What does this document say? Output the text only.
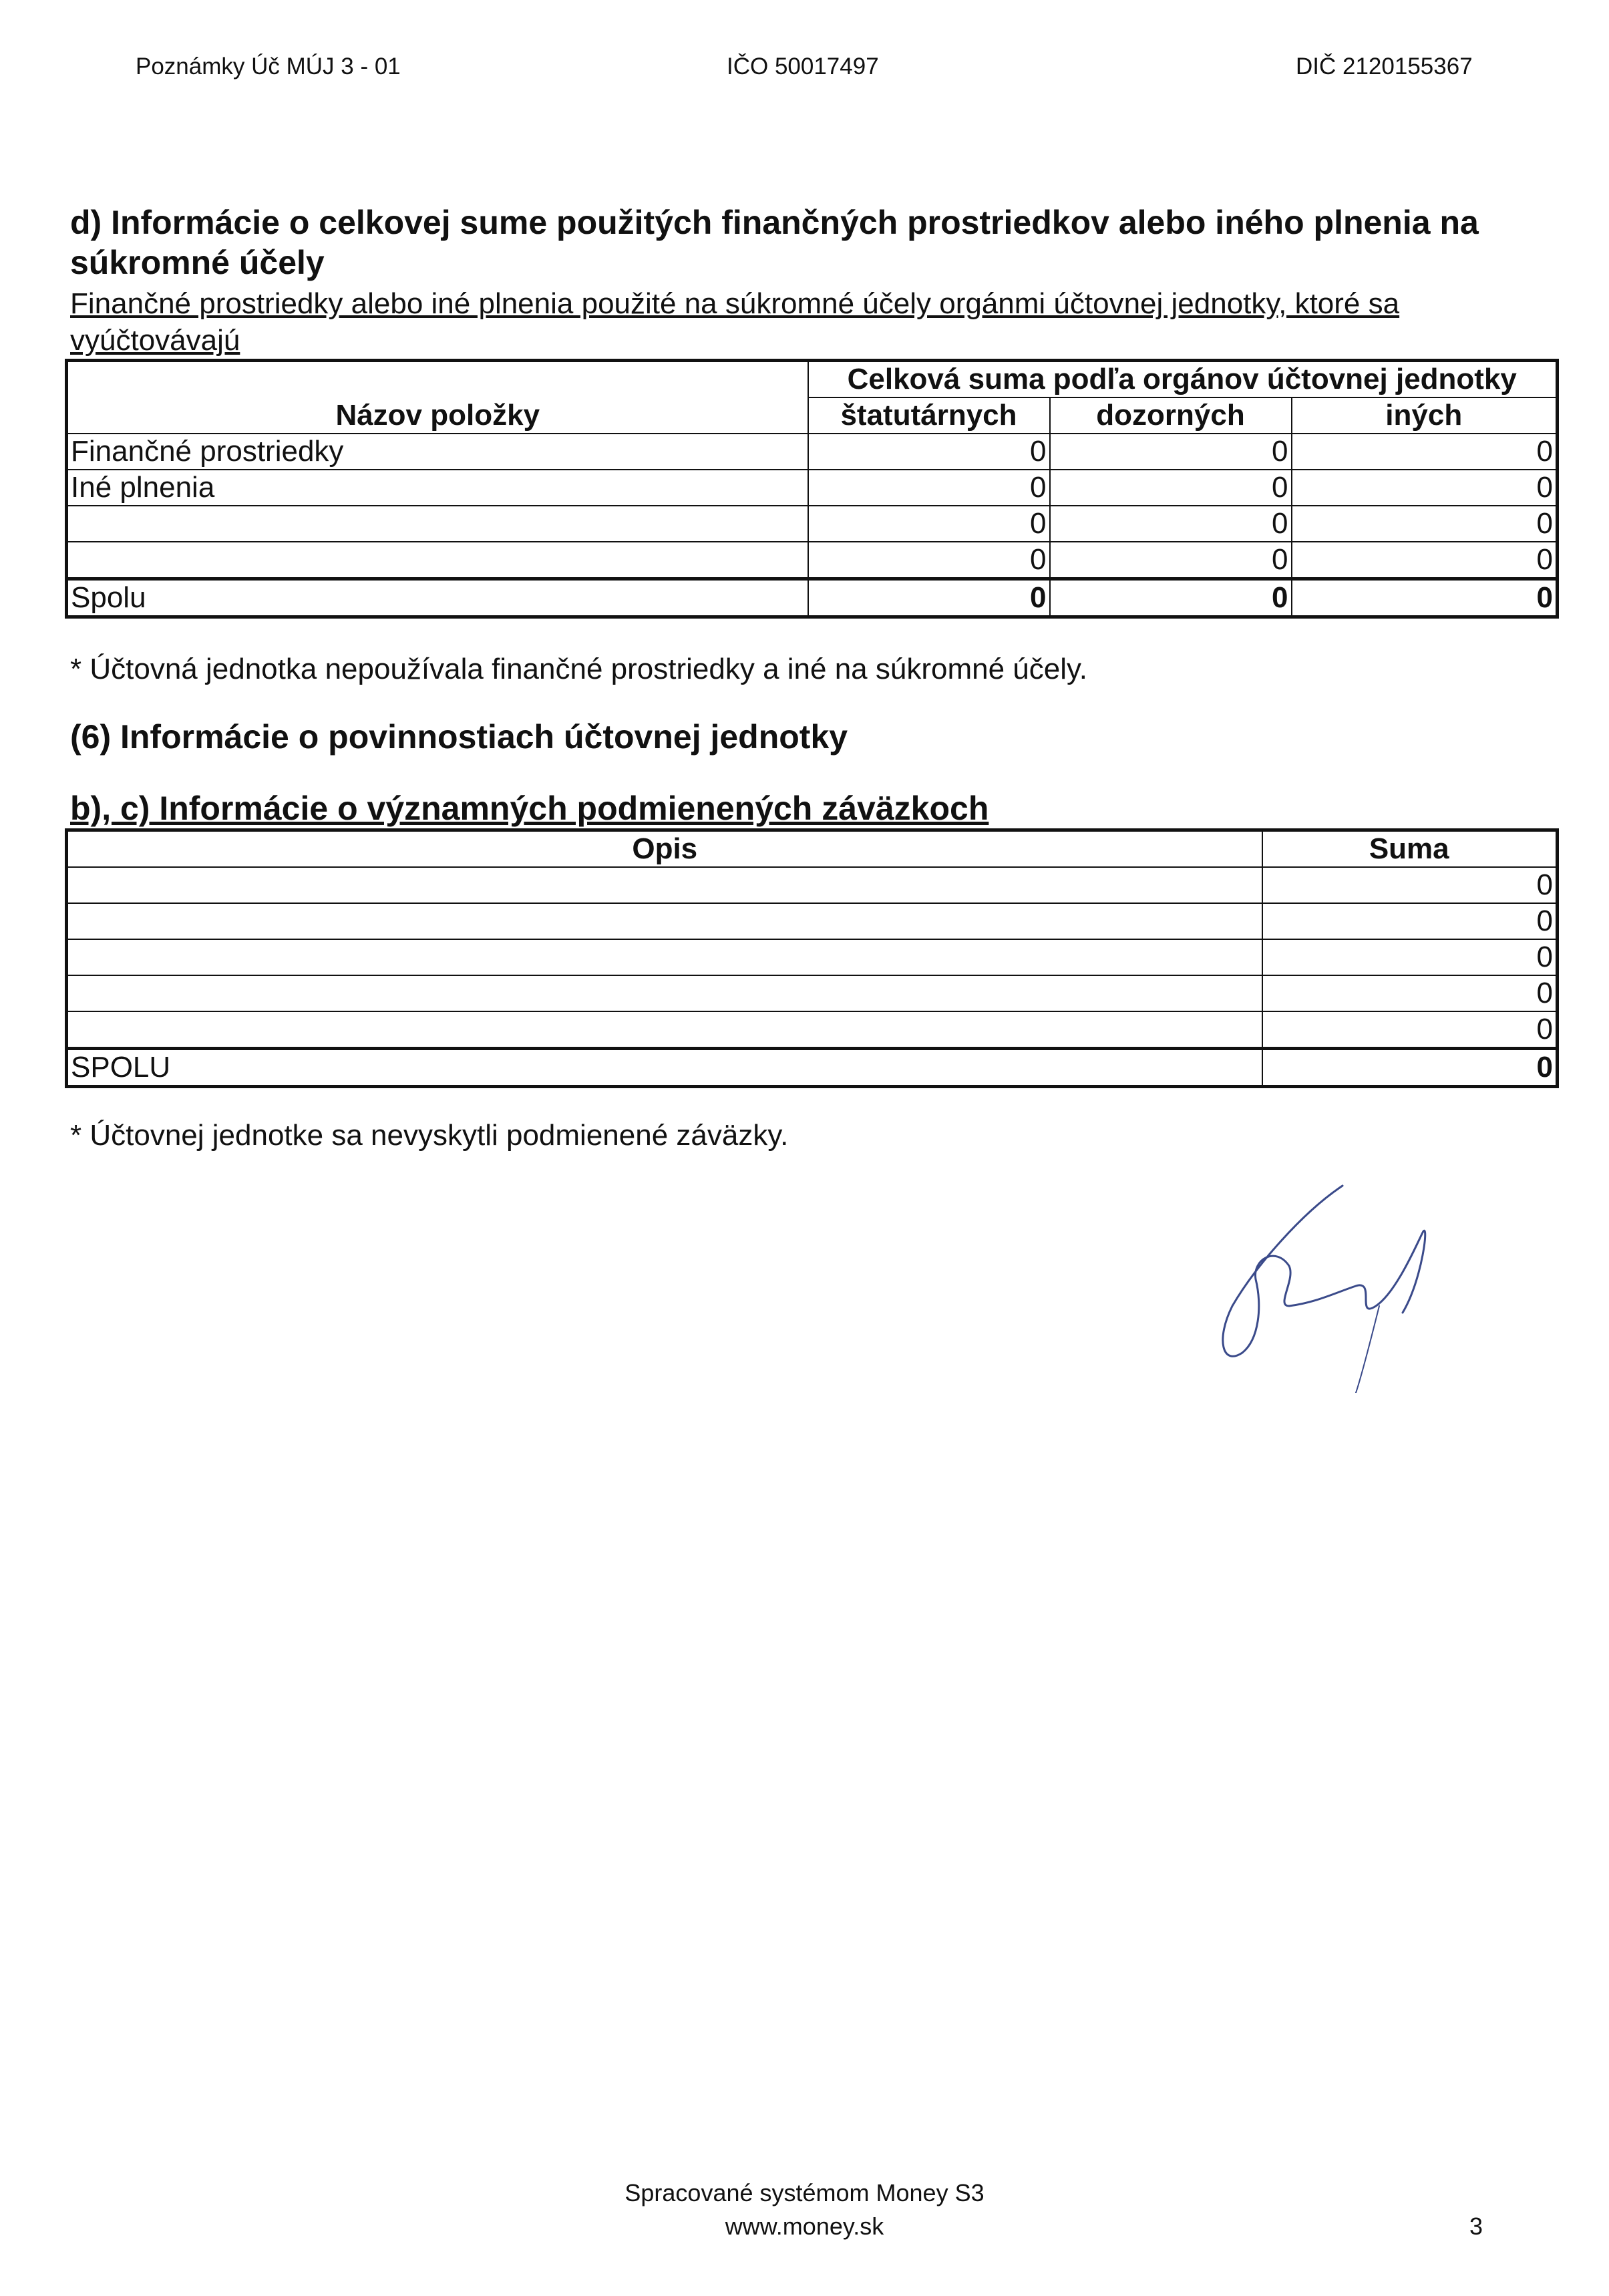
Poznámky Úč MÚJ 3 - 01	IČO 50017497	DIČ 2120155367
d) Informácie o celkovej sume použitých finančných prostriedkov alebo iného plnenia na súkromné účely
Finančné prostriedky alebo iné plnenia použité na súkromné účely orgánmi účtovnej jednotky, ktoré sa vyúčtovávajú
	Celková suma podľa orgánov účtovnej jednotky		
Názov položky	štatutárnych	dozorných	iných
Finančné prostriedky	0	0	0
Iné plnenia	0	0	0
	0	0	0
	0	0	0
Spolu	0	0	0
* Účtovná jednotka nepoužívala finančné prostriedky a iné na súkromné účely.
(6) Informácie o povinnostiach účtovnej jednotky
b), c) Informácie o významných podmienených záväzkoch
Opis	Suma
	0
	0
	0
	0
	0
SPOLU	0
* Účtovnej jednotke sa nevyskytli podmienené záväzky.
Spracované systémom Money S3
www.money.sk	3
